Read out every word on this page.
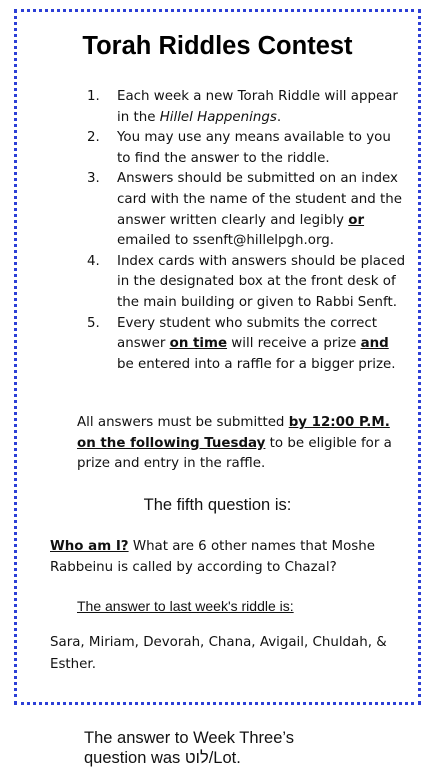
Torah Riddles Contest
1. Each week a new Torah Riddle will appear in the Hillel Happenings.
2. You may use any means available to you to find the answer to the riddle.
3. Answers should be submitted on an index card with the name of the student and the answer written clearly and legibly or emailed to ssenft@hillelpgh.org.
4. Index cards with answers should be placed in the designated box at the front desk of the main building or given to Rabbi Senft.
5. Every student who submits the correct answer on time will receive a prize and be entered into a raffle for a bigger prize.
All answers must be submitted by 12:00 P.M. on the following Tuesday to be eligible for a prize and entry in the raffle.
The fifth question is:
Who am I? What are 6 other names that Moshe Rabbeinu is called by according to Chazal?
The answer to last week's riddle is:
Sara, Miriam, Devorah, Chana, Avigail, Chuldah, & Esther.
The answer to Week Three’s
question was לוט/Lot.
